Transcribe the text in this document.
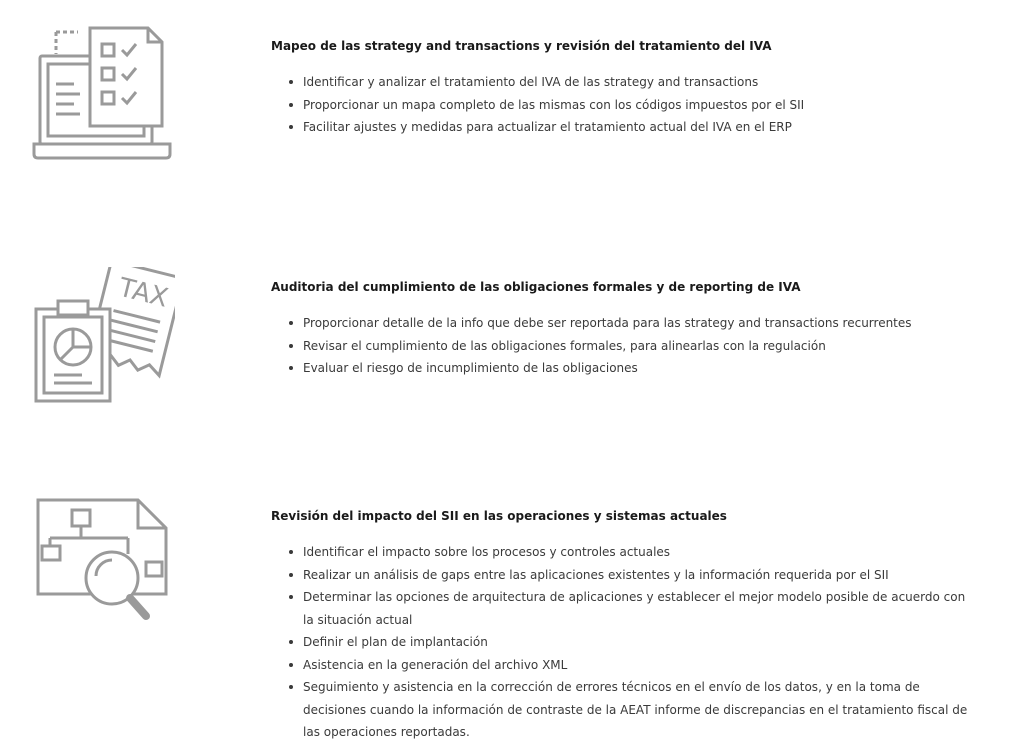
Mapeo de las strategy and transactions y revisión del tratamiento del IVA

Identificar y analizar el tratamiento del IVA de las strategy and transactions
Proporcionar un mapa completo de las mismas con los códigos impuestos por el SII
Facilitar ajustes y medidas para actualizar el tratamiento actual del IVA en el ERP
TAX	Auditoria del cumplimiento de las obligaciones formales y de reporting de IVA

Proporcionar detalle de la info que debe ser reportada para las strategy and transactions recurrentes
Revisar el cumplimiento de las obligaciones formales, para alinearlas con la regulación
Evaluar el riesgo de incumplimiento de las obligaciones

Revisión del impacto del SII en las operaciones y sistemas actuales

Identificar el impacto sobre los procesos y controles actuales
Realizar un análisis de gaps entre las aplicaciones existentes y la información requerida por el SII
Determinar las opciones de arquitectura de aplicaciones y establecer el mejor modelo posible de acuerdo con la situación actual
Definir el plan de implantación
Asistencia en la generación del archivo XML
Seguimiento y asistencia en la corrección de errores técnicos en el envío de los datos, y en la toma de decisiones cuando la información de contraste de la AEAT informe de discrepancias en el tratamiento fiscal de las operaciones reportadas.
